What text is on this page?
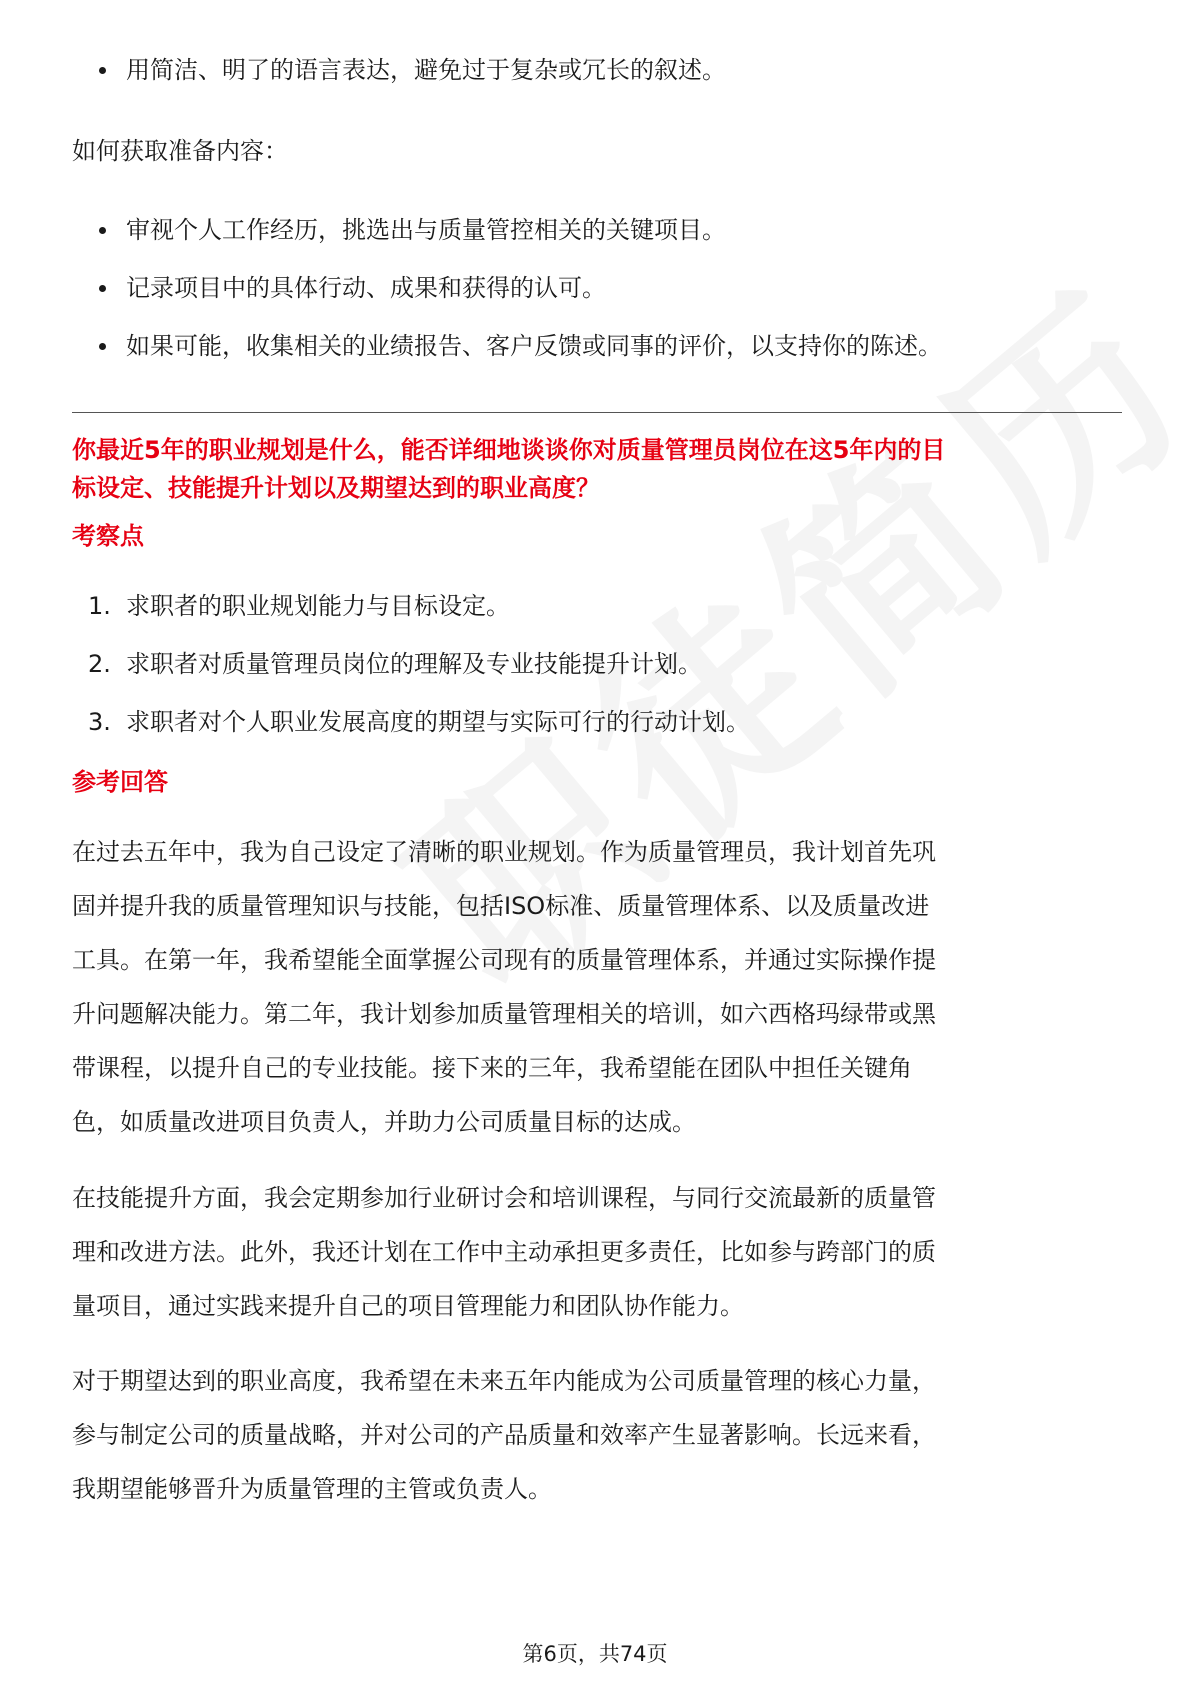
用简洁、明了的语言表达，避免过于复杂或冗长的叙述。

如何获取准备内容：

审视个人工作经历，挑选出与质量管控相关的关键项目。
记录项目中的具体行动、成果和获得的认可。
如果可能，收集相关的业绩报告、客户反馈或同事的评价，以支持你的陈述。

你最近5年的职业规划是什么，能否详细地谈谈你对质量管理员岗位在这5年内的目

标设定、技能提升计划以及期望达到的职业高度？

考察点

1. 求职者的职业规划能力与目标设定。
2. 求职者对质量管理员岗位的理解及专业技能提升计划。
3. 求职者对个人职业发展高度的期望与实际可行的行动计划。

参考回答

在过去五年中，我为自己设定了清晰的职业规划。作为质量管理员，我计划首先巩

固并提升我的质量管理知识与技能，包括ISO标准、质量管理体系、以及质量改进

工具。在第一年，我希望能全面掌握公司现有的质量管理体系，并通过实际操作提

升问题解决能力。第二年，我计划参加质量管理相关的培训，如六西格玛绿带或黑

带课程，以提升自己的专业技能。接下来的三年，我希望能在团队中担任关键角

色，如质量改进项目负责人，并助力公司质量目标的达成。

在技能提升方面，我会定期参加行业研讨会和培训课程，与同行交流最新的质量管

理和改进方法。此外，我还计划在工作中主动承担更多责任，比如参与跨部门的质

量项目，通过实践来提升自己的项目管理能力和团队协作能力。

对于期望达到的职业高度，我希望在未来五年内能成为公司质量管理的核心力量，

参与制定公司的质量战略，并对公司的产品质量和效率产生显著影响。长远来看，

我期望能够晋升为质量管理的主管或负责人。

第6页，共74页
